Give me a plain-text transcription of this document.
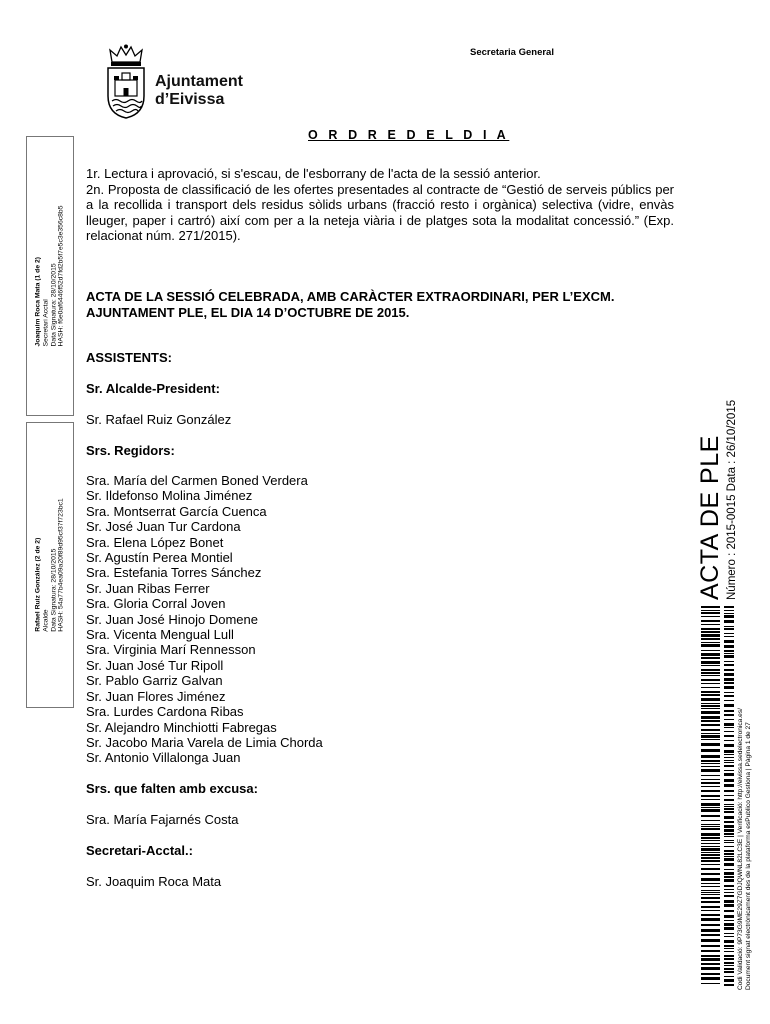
Ajuntament
d’Eivissa
Secretaria General
O R D R E D E L D I A

1r. Lectura i aprovació, si s'escau, de l'esborrany de l'acta de la sessió anterior.

2n. Proposta de classificació de les ofertes presentades al contracte de “Gestió de serveis públics per a la recollida i transport dels residus sòlids urbans (fracció resto i orgànica) selectiva (vidre, envàs lleuger, paper i cartró) així com per a la neteja viària i de platges sota la modalitat concessió.” (Exp. relacionat núm. 271/2015).

ACTA DE LA SESSIÓ CELEBRADA, AMB CARÀCTER EXTRAORDINARI, PER L’EXCM. AJUNTAMENT PLE, EL DIA 14 D’OCTUBRE DE 2015.
ASSISTENTS:
Sr. Alcalde-President:
Sr. Rafael Ruiz González
Srs. Regidors:
Sra. María del Carmen Boned Verdera
Sr. Ildefonso Molina Jiménez
Sra. Montserrat García Cuenca
Sr. José Juan Tur Cardona
Sra. Elena López Bonet
Sr. Agustín Perea Montiel
Sra. Estefania Torres Sánchez
Sr. Juan Ribas Ferrer
Sra. Gloria Corral Joven
Sr. Juan José Hinojo Domene
Sra. Vicenta Mengual Lull
Sra. Virginia Marí Rennesson
Sr. Juan José Tur Ripoll
Sr. Pablo Garriz Galvan
Sr. Juan Flores Jiménez
Sra. Lurdes Cardona Ribas
Sr. Alejandro Minchiotti Fabregas
Sr. Jacobo Maria Varela de Limia Chorda
Sr. Antonio Villalonga Juan
Srs. que falten amb excusa:
Sra. María Fajarnés Costa
Secretari-Acctal.:
Sr. Joaquim Roca Mata
Joaquim Roca Mata (1 de 2) Secretari Acctal Data Signatura: 28/10/2015 HASH: f6e0af6446f52d7fd2b5f7e5c3e356c8b5
Rafael Ruiz González (2 de 2) Alcalde Data Signatura: 28/10/2015 HASH: 54a77b4ea09a20f89d95cf37f723bc1	ACTA DE PLE Número : 2015-0015 Data : 26/10/2015
Codi Validació: 9P73G9ME29Z7GDJQWNL82LC3E | Verificació: http://eivissa.sedelectronica.es/ Document signat electrònicament des de la plataforma esPublico Gestiona | Pàgina 1 de 27
